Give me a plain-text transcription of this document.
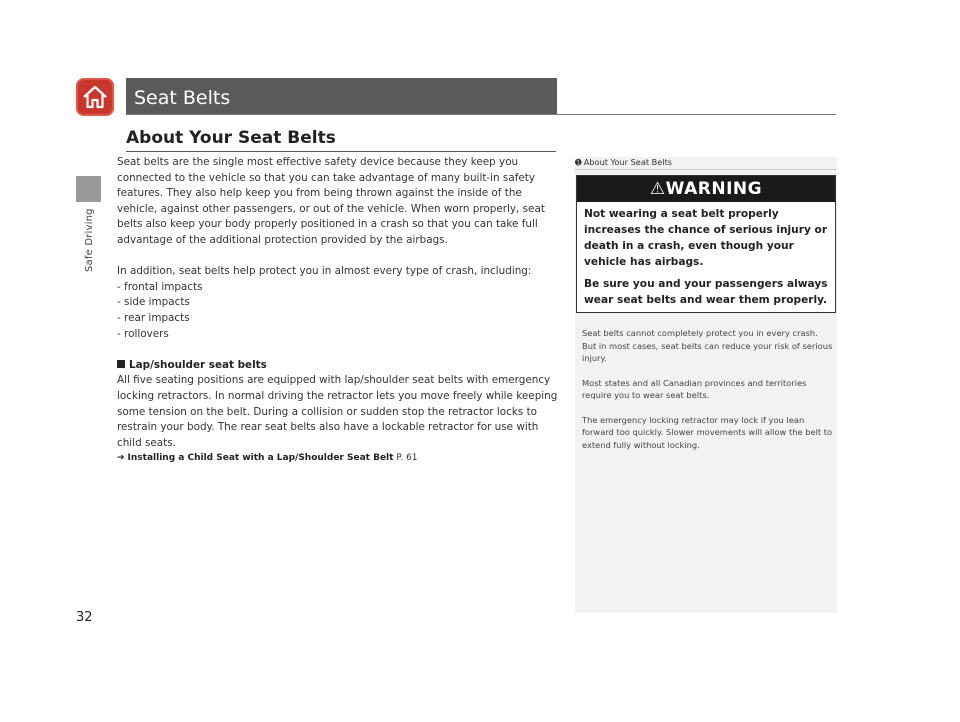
Safe Driving
Seat Belts
About Your Seat Belts

Seat belts are the single most effective safety device because they keep you

connected to the vehicle so that you can take advantage of many built-in safety

features. They also help keep you from being thrown against the inside of the

vehicle, against other passengers, or out of the vehicle. When worn properly, seat

belts also keep your body properly positioned in a crash so that you can take full

advantage of the additional protection provided by the airbags.

In addition, seat belts help protect you in almost every type of crash, including:

- frontal impacts

- side impacts

- rear impacts

- rollovers

Lap/shoulder seat belts

All five seating positions are equipped with lap/shoulder seat belts with emergency

locking retractors. In normal driving the retractor lets you move freely while keeping

some tension on the belt. During a collision or sudden stop the retractor locks to

restrain your body. The rear seat belts also have a lockable retractor for use with

child seats.

➔ Installing a Child Seat with a Lap/Shoulder Seat Belt P. 61

➊ About Your Seat Belts
⚠WARNING

Not wearing a seat belt properly increases the chance of serious injury or death in a crash, even though your vehicle has airbags.

Be sure you and your passengers always wear seat belts and wear them properly.

Seat belts cannot completely protect you in every crash. But in most cases, seat belts can reduce your risk of serious injury.

Most states and all Canadian provinces and territories require you to wear seat belts.

The emergency locking retractor may lock if you lean forward too quickly. Slower movements will allow the belt to extend fully without locking.

32
